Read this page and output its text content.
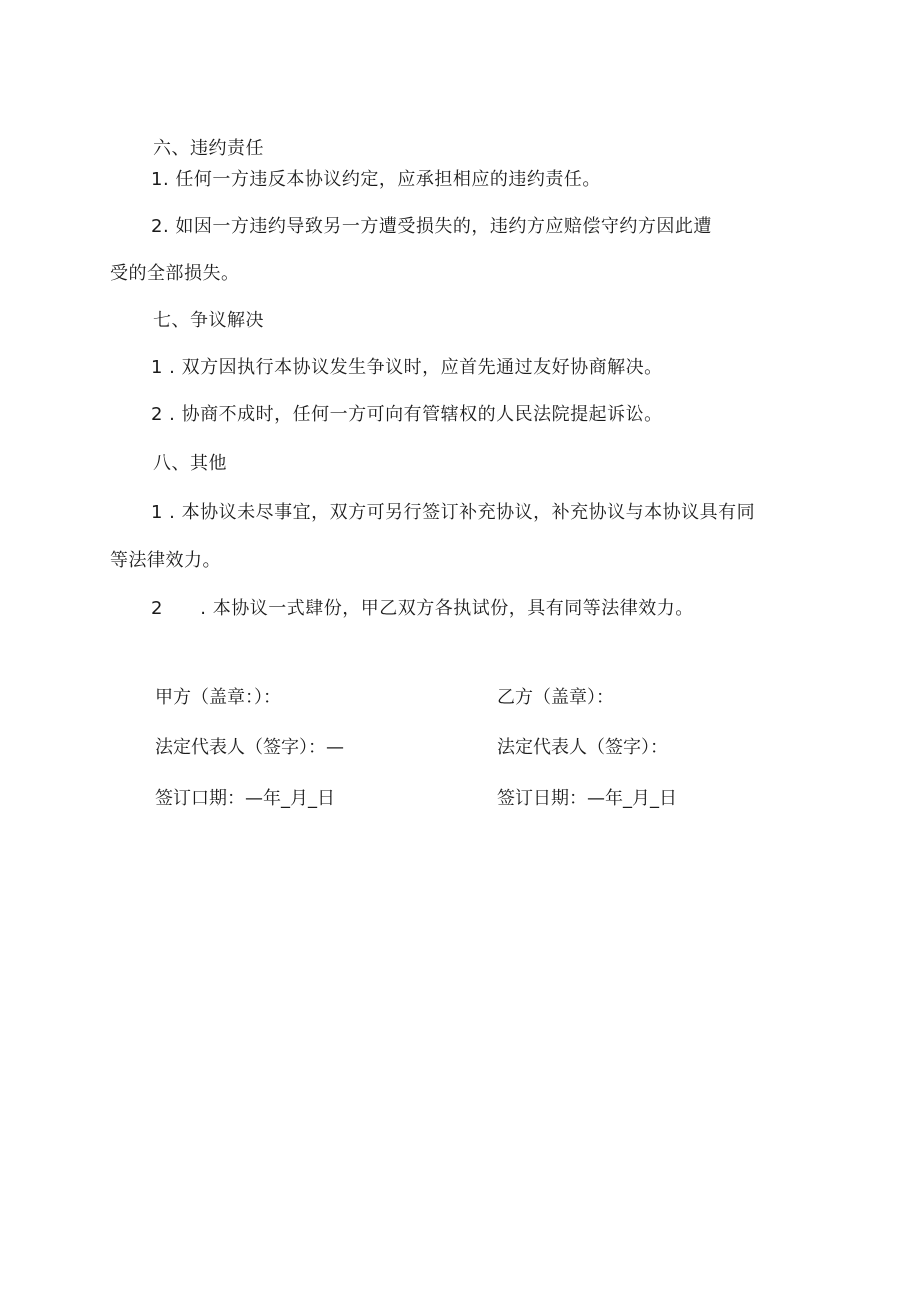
六、违约责任
1. 任何一方违反本协议约定，应承担相应的违约责任。
2. 如因一方违约导致另一方遭受损失的，违约方应赔偿守约方因此遭
受的全部损失。
七、争议解决
1 . 双方因执行本协议发生争议时，应首先通过友好协商解决。
2 . 协商不成时，任何一方可向有管辖权的人民法院提起诉讼。
八、其他
1 . 本协议未尽事宜，双方可另行签订补充协议，补充协议与本协议具有同
等法律效力。
2      . 本协议一式肆份，甲乙双方各执试份，具有同等法律效力。
甲方（盖章：）：	乙方（盖章）：
法定代表人（签字）：—	法定代表人（签字）：
签订口期：—年_月_日	签订日期：—年_月_日
